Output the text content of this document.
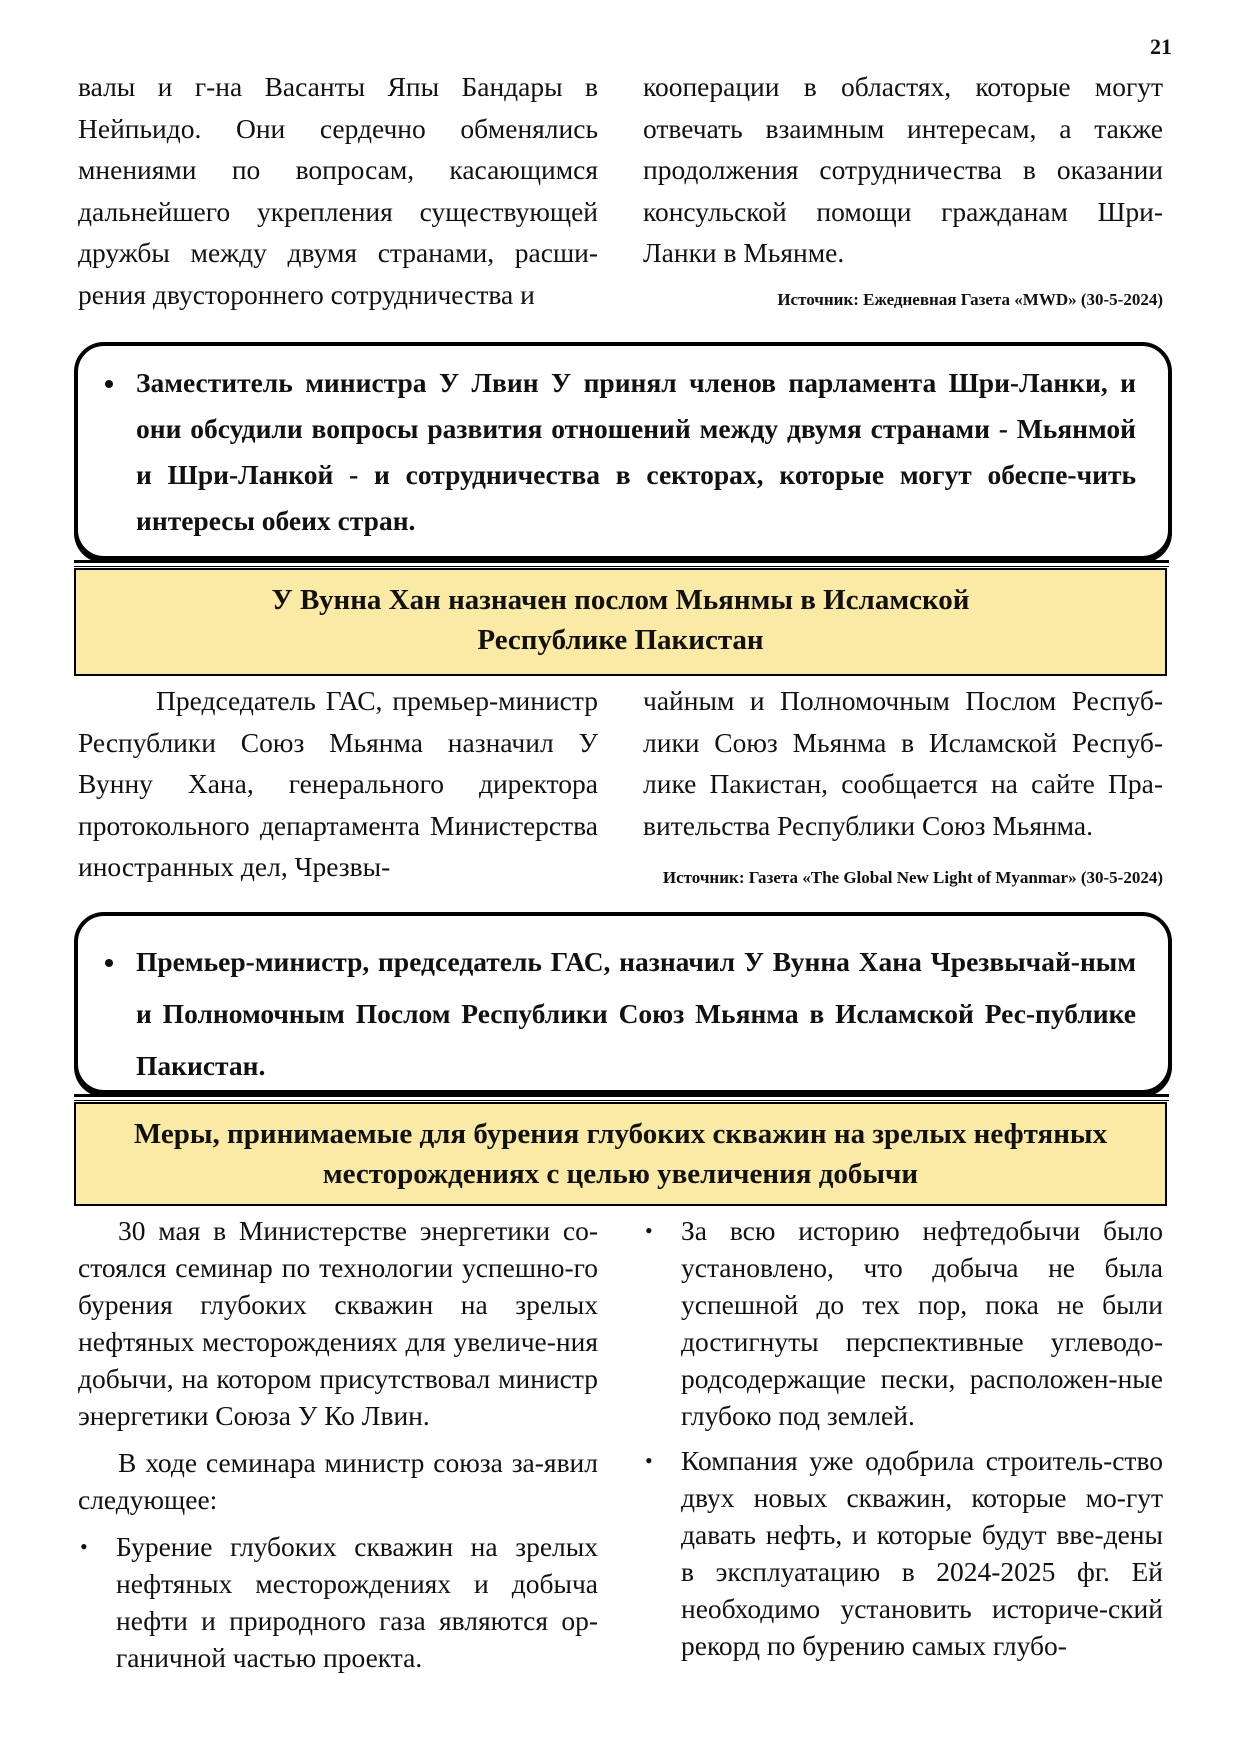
21

валы и г-на Васанты Япы Бандары в Нейпьидо. Они сердечно обменялись мнениями по вопросам, касающимся дальнейшего укрепления существующей дружбы между двумя странами, расши-рения двустороннего сотрудничества и

кооперации в областях, которые могут отвечать взаимным интересам, а также продолжения сотрудничества в оказании консульской помощи гражданам Шри-Ланки в Мьянме.

Источник: Ежедневная Газета «MWD» (30-5-2024)
• Заместитель министра У Лвин У принял членов парламента Шри-Ланки, и они обсудили вопросы развития отношений между двумя странами - Мьянмой и Шри-Ланкой - и сотрудничества в секторах, которые могут обеспе-чить интересы обеих стран.
У Вунна Хан назначен послом Мьянмы в Исламской
Республике Пакистан

Председатель ГАС, премьер-министр Республики Союз Мьянма назначил У Вунну Хана, генерального директора протокольного департамента Министерства иностранных дел, Чрезвы-

чайным и Полномочным Послом Респуб-лики Союз Мьянма в Исламской Респуб-лике Пакистан, сообщается на сайте Пра-вительства Республики Союз Мьянма.

Источник: Газета «The Global New Light of Myanmar» (30-5-2024)
• Премьер-министр, председатель ГАС, назначил У Вунна Хана Чрезвычай-ным и Полномочным Послом Республики Союз Мьянма в Исламской Рес-публике Пакистан.
Меры, принимаемые для бурения глубоких скважин на зрелых нефтяных
месторождениях с целью увеличения добычи

30 мая в Министерстве энергетики со-стоялся семинар по технологии успешно-го бурения глубоких скважин на зрелых нефтяных месторождениях для увеличе-ния добычи, на котором присутствовал министр энергетики Союза У Ко Лвин.

В ходе семинара министр союза за-явил следующее:

• Бурение глубоких скважин на зрелых нефтяных месторождениях и добыча нефти и природного газа являются ор-ганичной частью проекта.
• За всю историю нефтедобычи было установлено, что добыча не была успешной до тех пор, пока не были достигнуты перспективные углеводо-родсодержащие пески, расположен-ные глубоко под землей.
• Компания уже одобрила строитель-ство двух новых скважин, которые мо-гут давать нефть, и которые будут вве-дены в эксплуатацию в 2024-2025 фг. Ей необходимо установить историче-ский рекорд по бурению самых глубо-
